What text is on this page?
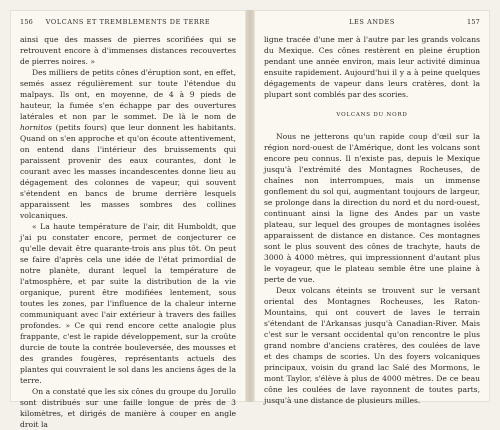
156	VOLCANS ET TREMBLEMENTS DE TERRE

ainsi que des masses de pierres scorifiées qui se retrouvent encore à d'immenses distances recouvertes de pierres noires. »

Des milliers de petits cônes d'éruption sont, en effet, semés assez régulièrement sur toute l'étendue du malpays. Ils ont, en moyenne, de 4 à 9 pieds de hauteur, la fumée s'en échappe par des ouvertures latérales et non par le sommet. De là le nom de hornitos (petits fours) que leur donnent les habitants. Quand on s'en approche et qu'on écoute attentivement, on entend dans l'intérieur des bruissements qui paraissent provenir des eaux courantes, dont le courant avec les masses incandescentes donne lieu au dégagement des colonnes de vapeur, qui souvent s'étendent en bancs de brume derrière lesquels apparaissent les masses sombres des collines volcaniques.

« La haute température de l'air, dit Humboldt, que j'ai pu constater encore, permet de conjecturer ce qu'elle devait être quarante-trois ans plus tôt. On peut se faire d'après cela une idée de l'état primordial de notre planète, durant lequel la température de l'atmosphère, et par suite la distribution de la vie organique, purent être modifiées lentement, sous toutes les zones, par l'influence de la chaleur interne communiquant avec l'air extérieur à travers des failles profondes. » Ce qui rend encore cette analogie plus frappante, c'est le rapide développement, sur la croûte durcie de toute la contrée bouleversée, des mousses et des grandes fougères, représentants actuels des plantes qui couvraient le sol dans les anciens âges de la terre.

On a constaté que les six cônes du groupe du Jorullo sont distribués sur une faille longue de près de 3 kilomètres, et dirigés de manière à couper en angle droit la

LES ANDES	157

ligne tracée d'une mer à l'autre par les grands volcans du Mexique. Ces cônes restèrent en pleine éruption pendant une année environ, mais leur activité diminua ensuite rapidement. Aujourd'hui il y a à peine quelques dégagements de vapeur dans leurs cratères, dont la plupart sont comblés par des scories.

VOLCANS DU NORD

Nous ne jetterons qu'un rapide coup d'œil sur la région nord-ouest de l'Amérique, dont les volcans sont encore peu connus. Il n'existe pas, depuis le Mexique jusqu'à l'extrémité des Montagnes Rocheuses, de chaînes non interrompues, mais un immense gonflement du sol qui, augmentant toujours de largeur, se prolonge dans la direction du nord et du nord-ouest, continuant ainsi la ligne des Andes par un vaste plateau, sur lequel des groupes de montagnes isolées apparaissent de distance en distance. Ces montagnes sont le plus souvent des cônes de trachyte, hauts de 3000 à 4000 mètres, qui impressionnent d'autant plus le voyageur, que le plateau semble être une plaine à perte de vue.

Deux volcans éteints se trouvent sur le versant oriental des Montagnes Rocheuses, les Raton-Mountains, qui ont couvert de laves le terrain s'étendant de l'Arkansas jusqu'à Canadian-River. Mais c'est sur le versant occidental qu'on rencontre le plus grand nombre d'anciens cratères, des coulées de lave et des champs de scories. Un des foyers volcaniques principaux, voisin du grand lac Salé des Mormons, le mont Taylor, s'élève à plus de 4000 mètres. De ce beau cône les coulées de lave rayonnent de toutes parts, jusqu'à une distance de plusieurs milles.
